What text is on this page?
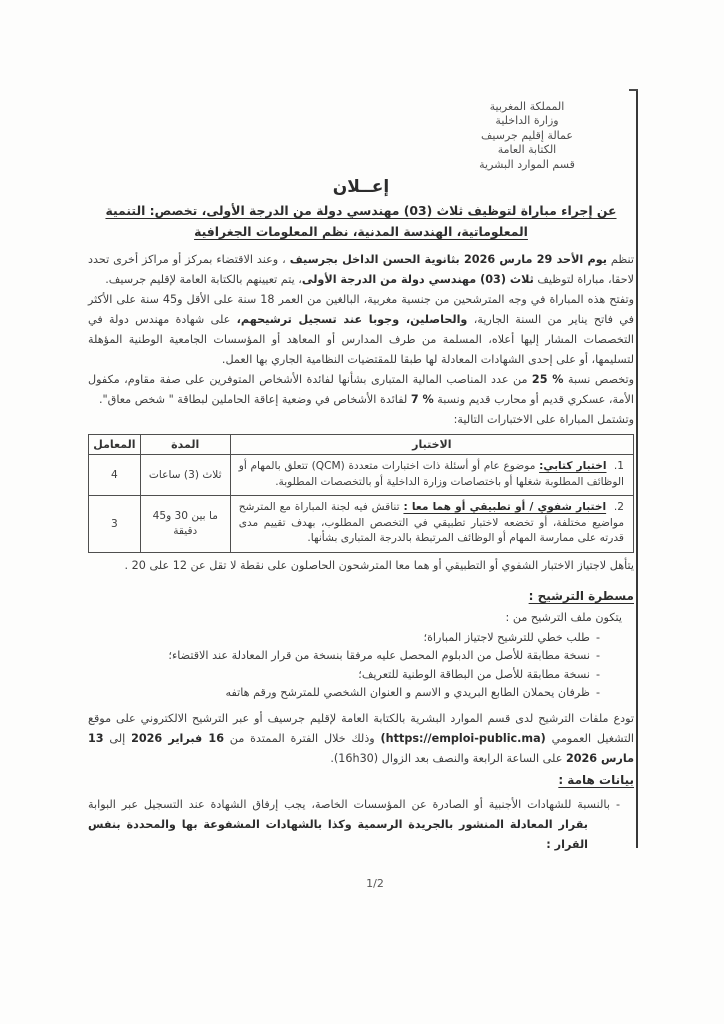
المملكة المغربية
وزارة الداخلية
عمالة إقليم جرسيف
الكتابة العامة
قسم الموارد البشرية
إعــلان
عن إجراء مباراة لتوظيف ثلاث (03) مهندسي دولة من الدرجة الأولى، تخصص: التنمية
المعلوماتية، الهندسة المدنية، نظم المعلومات الجغرافية
تنظم يوم الأحد 29 مارس 2026 بثانوية الحسن الداخل بجرسيف ، وعند الاقتضاء بمركز أو مراكز أخرى تحدد لاحقا، مباراة لتوظيف ثلاث (03) مهندسي دولة من الدرجة الأولى، يتم تعيينهم بالكتابة العامة لإقليم جرسيف.
وتفتح هذه المباراة في وجه المترشحين من جنسية مغربية، البالغين من العمر 18 سنة على الأقل و45 سنة على الأكثر في فاتح يناير من السنة الجارية، والحاصلين، وجوبا عند تسجيل ترشيحهم، على شهادة مهندس دولة في التخصصات المشار إليها أعلاه، المسلمة من طرف المدارس أو المعاهد أو المؤسسات الجامعية الوطنية المؤهلة لتسليمها، أو على إحدى الشهادات المعادلة لها طبقا للمقتضيات النظامية الجاري بها العمل.
وتخصص نسبة % 25 من عدد المناصب المالية المتبارى بشأنها لفائدة الأشخاص المتوفرين على صفة مقاوم، مكفول الأمة، عسكري قديم أو محارب قديم ونسبة % 7 لفائدة الأشخاص في وضعية إعاقة الحاملين لبطاقة " شخص معاق".
وتشتمل المباراة على الاختبارات التالية:
الاختبار	المدة	المعامل
1.  اختبار كتابي: موضوع عام أو أسئلة ذات اختبارات متعددة (QCM) تتعلق بالمهام أو الوظائف المطلوبة شغلها أو باختصاصات وزارة الداخلية أو بالتخصصات المطلوبة.	ثلاث (3) ساعات	4
2.  اختبار شفوي / أو تطبيقي أو هما معا : تناقش فيه لجنة المباراة مع المترشح مواضيع مختلفة، أو تخضعه لاختبار تطبيقي في التخصص المطلوب، بهدف تقييم مدى قدرته على ممارسة المهام أو الوظائف المرتبطة بالدرجة المتبارى بشأنها.	ما بين 30 و45 دقيقة	3
يتأهل لاجتياز الاختبار الشفوي أو التطبيقي أو هما معا المترشحون الحاصلون على نقطة لا تقل عن 12 على 20 .
مسطرة الترشيح :
يتكون ملف الترشيح من :
-طلب خطي للترشيح لاجتياز المباراة؛
-نسخة مطابقة للأصل من الدبلوم المحصل عليه مرفقا بنسخة من قرار المعادلة عند الاقتضاء؛
-نسخة مطابقة للأصل من البطاقة الوطنية للتعريف؛
-ظرفان يحملان الطابع البريدي و الاسم و العنوان الشخصي للمترشح ورقم هاتفه
تودع ملفات الترشيح لدى قسم الموارد البشرية بالكتابة العامة لإقليم جرسيف أو عبر الترشيح الالكتروني على موقع التشغيل العمومي (https://emploi-public.ma) وذلك خلال الفترة الممتدة من 16 فبراير 2026 إلى 13 مارس 2026 على الساعة الرابعة والنصف بعد الزوال (16h30).
بيانات هامة :
-بالنسبة للشهادات الأجنبية أو الصادرة عن المؤسسات الخاصة، يجب إرفاق الشهادة عند التسجيل عبر البوابة بقرار المعادلة المنشور بالجريدة الرسمية وكذا بالشهادات المشفوعة بها والمحددة بنفس القرار :
1/2
